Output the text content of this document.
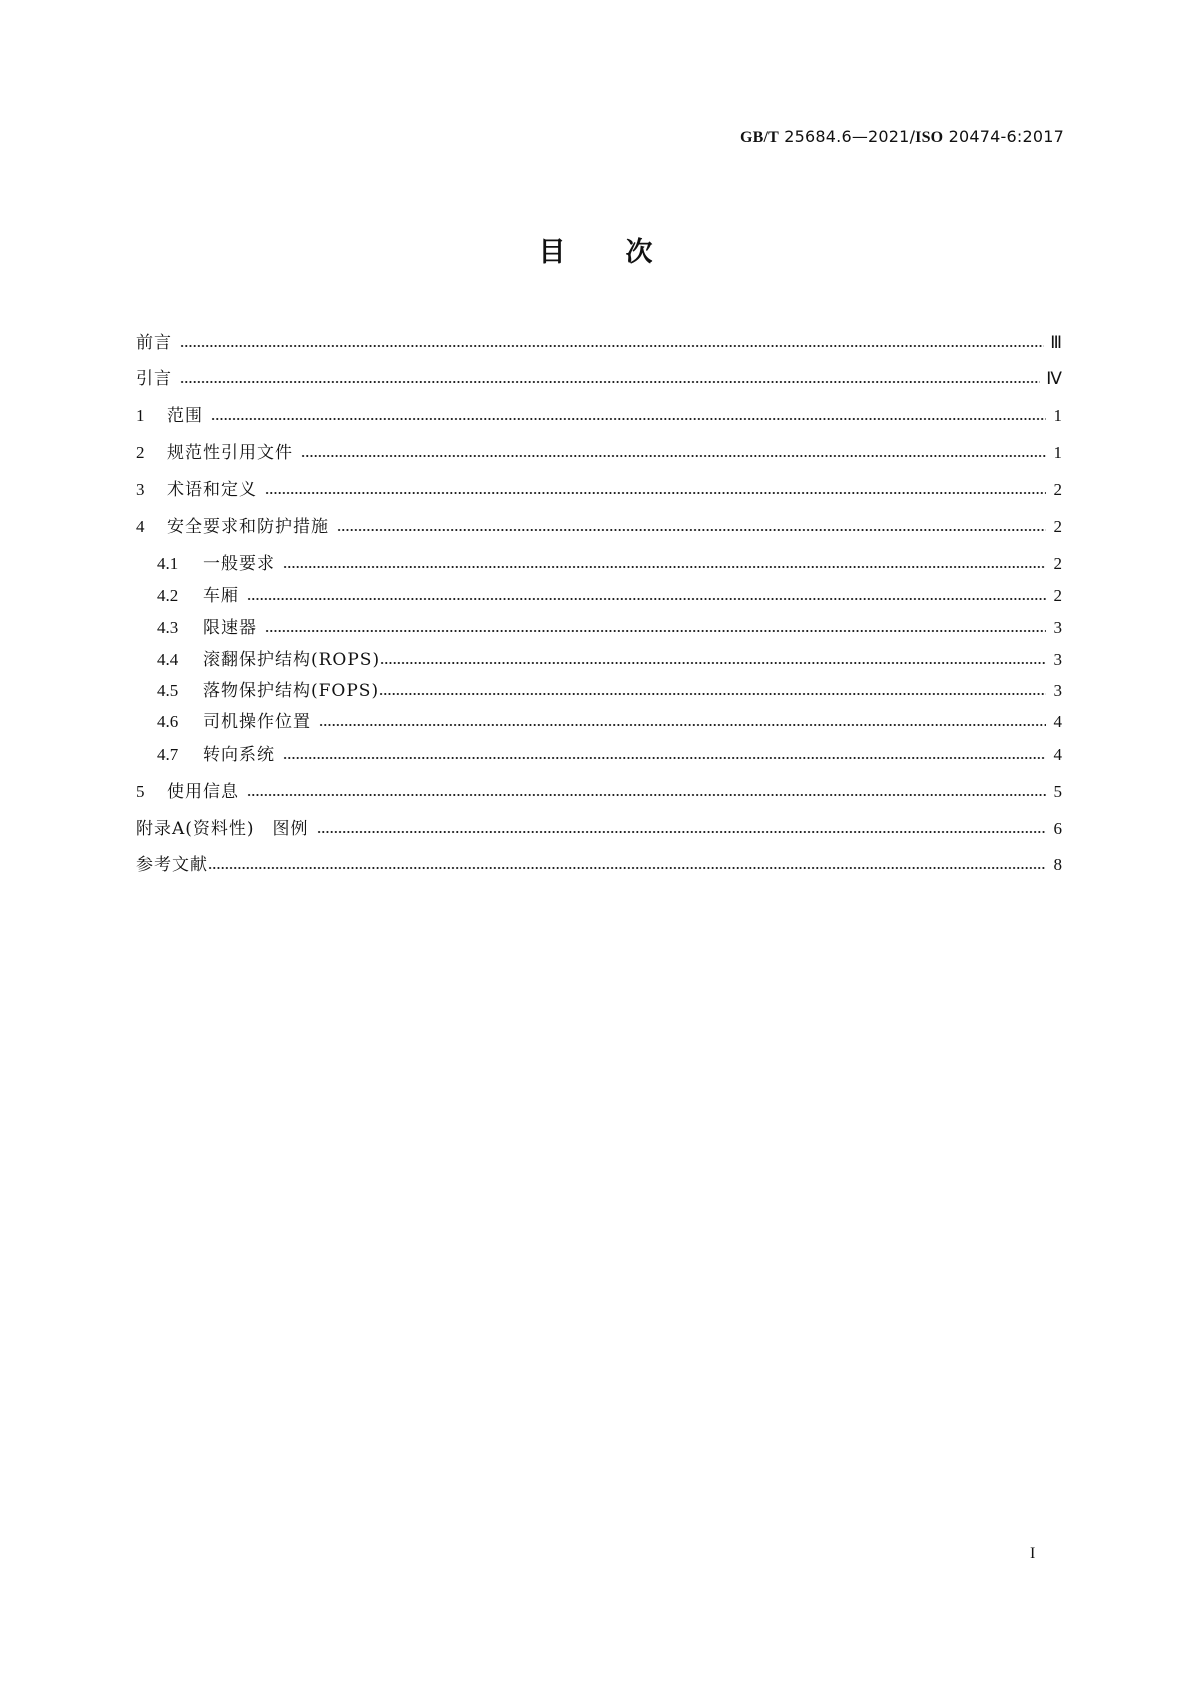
GB/T 25684.6—2021/ISO 20474-6:2017
目次
前言	Ⅲ
引言	Ⅳ
1	范围	1
2	规范性引用文件	1
3	术语和定义	2
4	安全要求和防护措施	2
4.1	一般要求	2
4.2	车厢	2
4.3	限速器	3
4.4	滚翻保护结构(ROPS)	3
4.5	落物保护结构(FOPS)	3
4.6	司机操作位置	4
4.7	转向系统	4
5	使用信息	5
附录A(资料性)　图例	6
参考文献	8
I
